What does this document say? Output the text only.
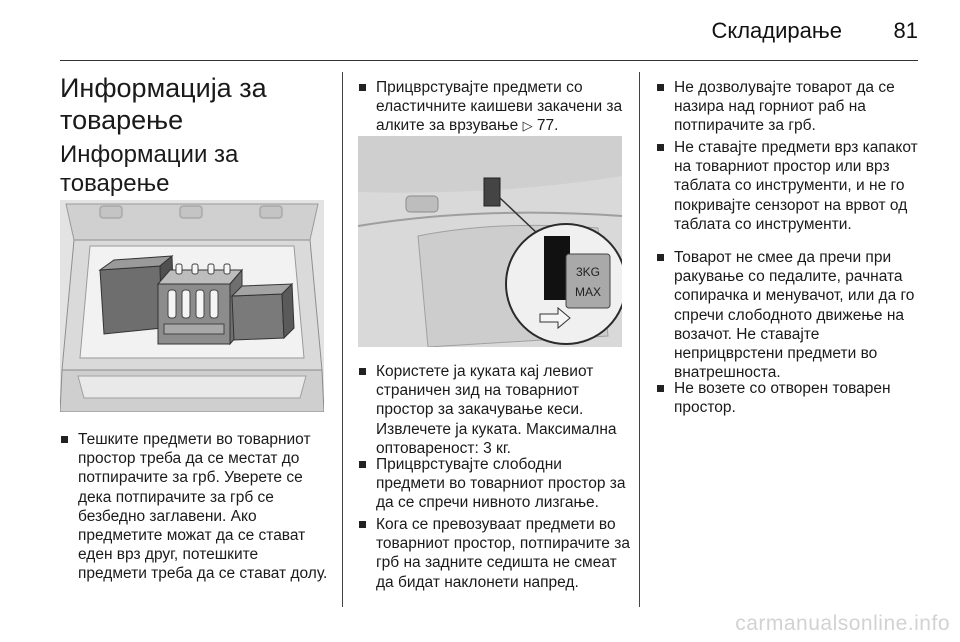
Складирање 81
Информација за товарење
Информации за товарење
Тешките предмети во товарниот простор треба да се местат до потпирачите за грб. Уверете се дека потпирачите за грб се безбедно заглавени. Ако предметите можат да се стават еден врз друг, потешките предмети треба да се стават долу.
Прицврстувајте предмети со еластичните каишеви закачени за алките за врзување ▷ 77.
3KG
MAX
Користете ја куката кај левиот страничен зид на товарниот простор за закачување кеси. Извлечете ја куката. Максимална оптовареност: 3 кг.
Прицврстувајте слободни предмети во товарниот простор за да се спречи нивното лизгање.
Кога се превозуваат предмети во товарниот простор, потпирачите за грб на задните седишта не смеат да бидат наклонети напред.
Не дозволувајте товарот да се назира над горниот раб на потпирачите за грб.
Не ставајте предмети врз капакот на товарниот простор или врз таблата со инструменти, и не го покривајте сензорот на врвот од таблата со инструменти.
Товарот не смее да пречи при ракување со педалите, рачната сопирачка и менувачот, или да го спречи слободното движење на возачот. Не ставајте неприцврстени предмети во внатрешноста.
Не возете со отворен товарен простор.
carmanualsonline.info
